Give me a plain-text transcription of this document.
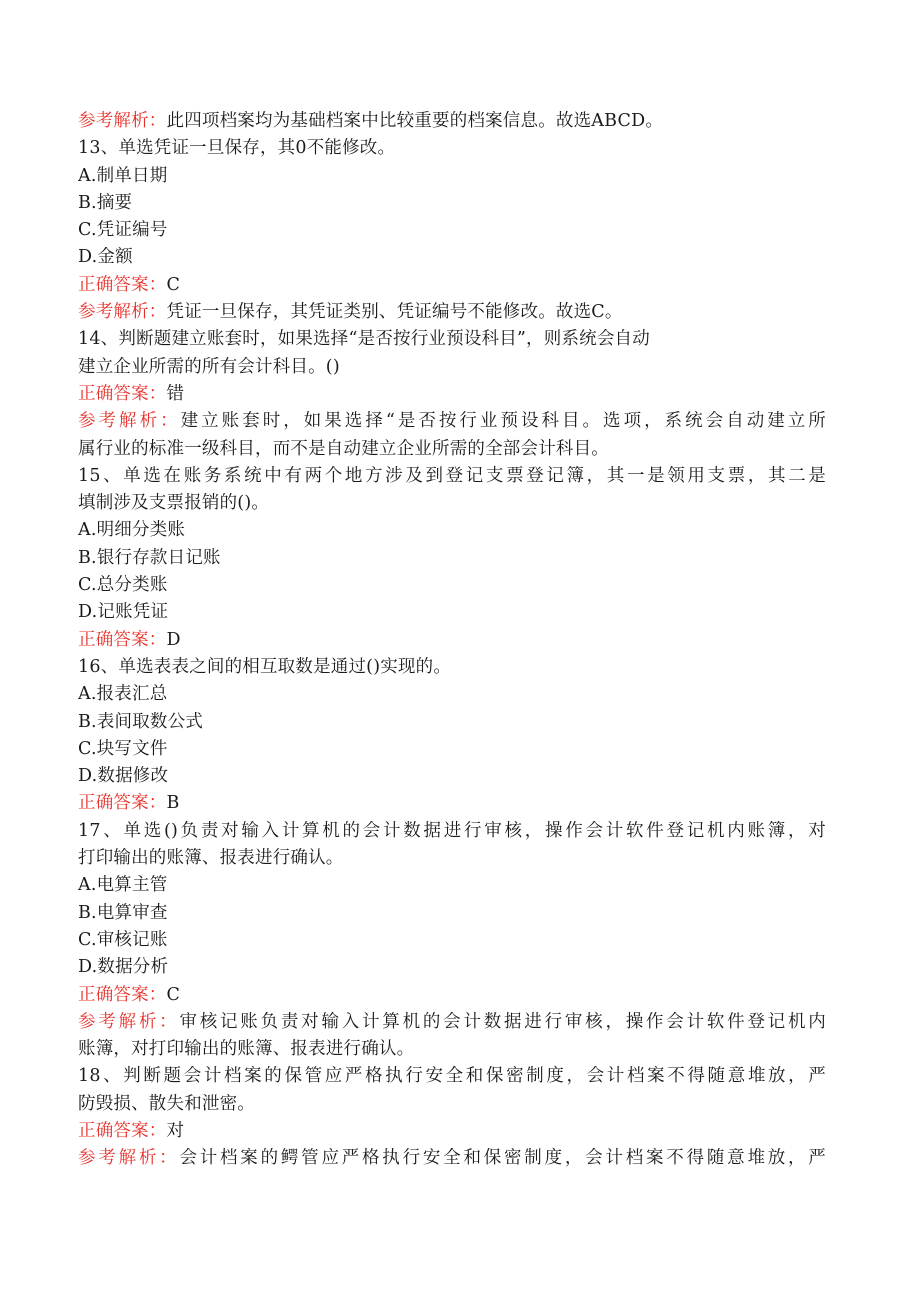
参考解析：此四项档案均为基础档案中比较重要的档案信息。故选ABCD。
13、单选凭证一旦保存，其0不能修改。
A.制单日期
B.摘要
C.凭证编号
D.金额
正确答案：C
参考解析：凭证一旦保存，其凭证类别、凭证编号不能修改。故选C。
14、判断题建立账套时，如果选择“是否按行业预设科目”，则系统会自动
建立企业所需的所有会计科目。()
正确答案：错
参考解析：建立账套时，如果选择“是否按行业预设科目。选项，系统会自动建立所
属行业的标准一级科目，而不是自动建立企业所需的全部会计科目。
15、单选在账务系统中有两个地方涉及到登记支票登记簿，其一是领用支票，其二是
填制涉及支票报销的()。
A.明细分类账
B.银行存款日记账
C.总分类账
D.记账凭证
正确答案：D
16、单选表表之间的相互取数是通过()实现的。
A.报表汇总
B.表间取数公式
C.块写文件
D.数据修改
正确答案：B
17、单选()负责对输入计算机的会计数据进行审核，操作会计软件登记机内账簿，对
打印输出的账簿、报表进行确认。
A.电算主管
B.电算审查
C.审核记账
D.数据分析
正确答案：C
参考解析：审核记账负责对输入计算机的会计数据进行审核，操作会计软件登记机内
账簿，对打印输出的账簿、报表进行确认。
18、判断题会计档案的保管应严格执行安全和保密制度，会计档案不得随意堆放，严
防毁损、散失和泄密。
正确答案：对
参考解析：会计档案的鳄管应严格执行安全和保密制度，会计档案不得随意堆放，严
